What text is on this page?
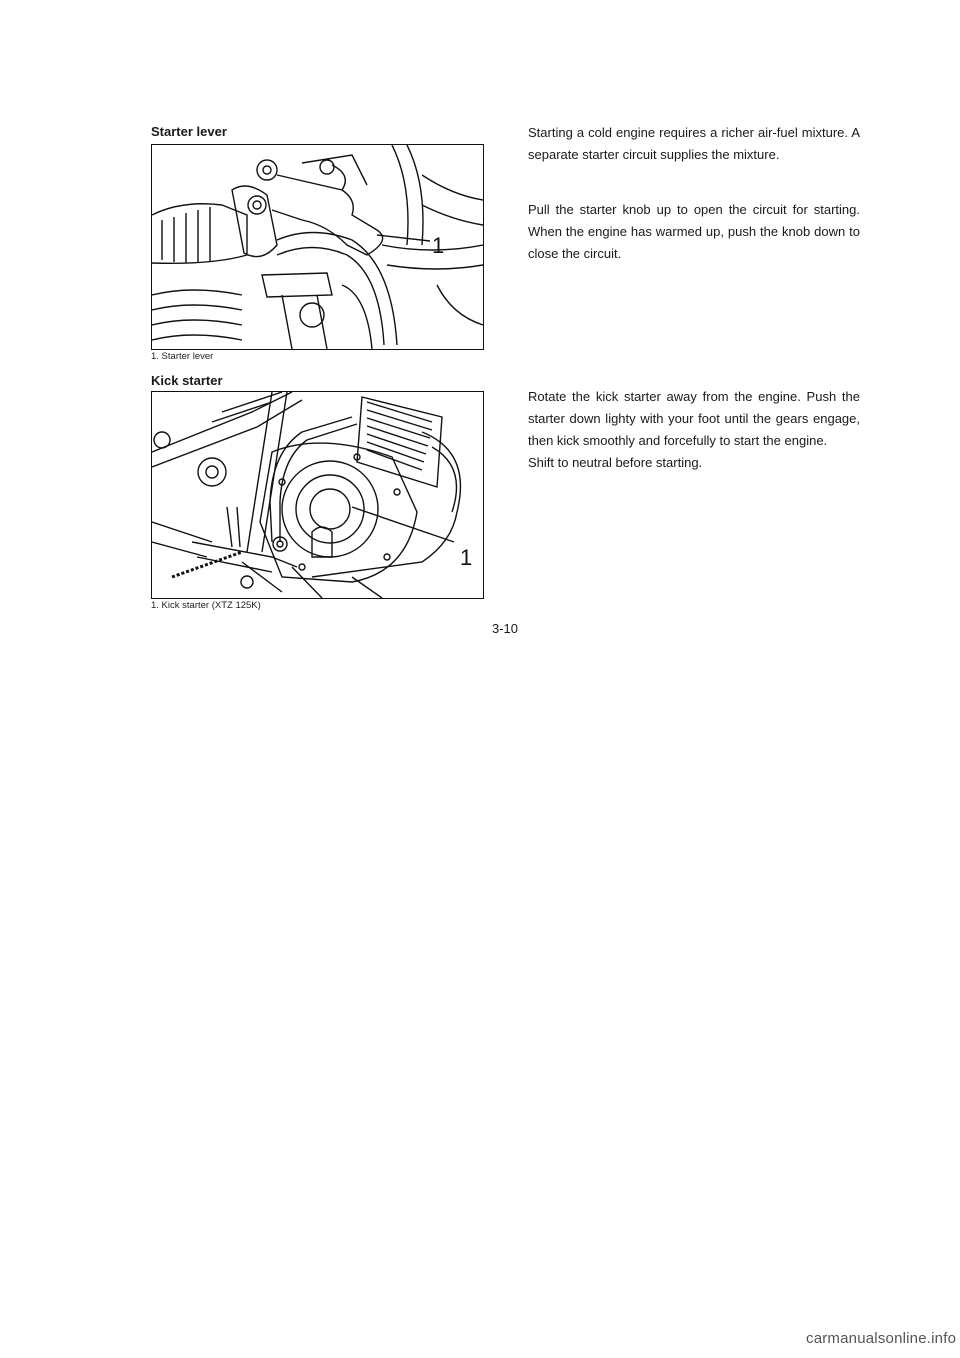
Starter lever
1
1. Starter lever
Starting a cold engine requires a richer air-fuel mixture. A separate starter circuit supplies the mixture.
Pull the starter knob up to open the circuit for starting. When the engine has warmed up, push the knob down to close the circuit.
Kick starter
1
1. Kick starter (XTZ 125K)
Rotate the kick starter away from the engine. Push the starter down lighty with your foot until the gears engage, then kick smoothly and forcefully to start the engine.
Shift to neutral before starting.
3-10
carmanualsonline.info
